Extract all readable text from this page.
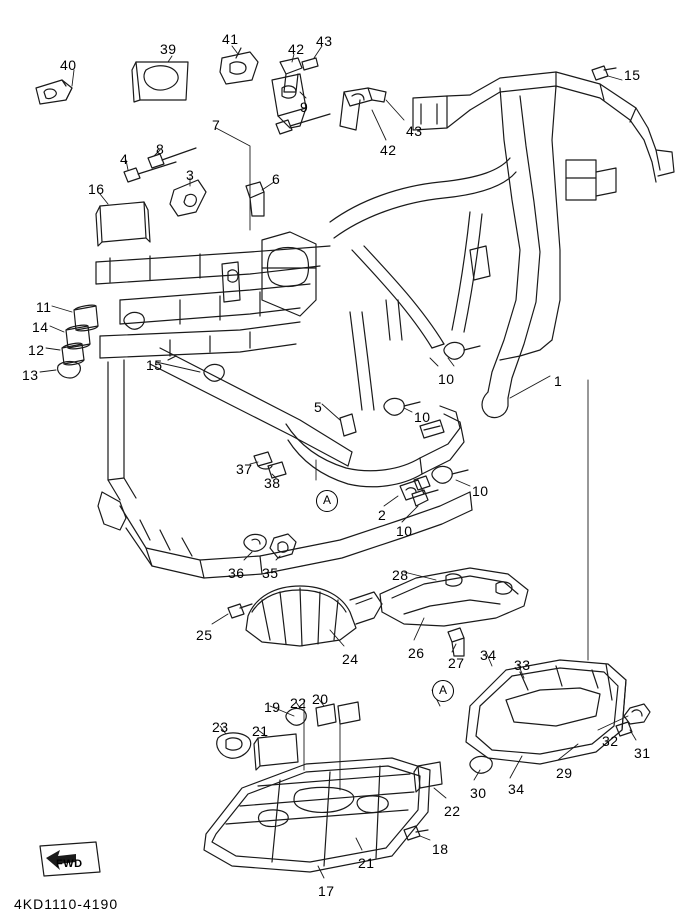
40
39
41
42 43
9
43
42
15
7
8
4
3	6
16
11
14
12
13
15
10	1
5
10
37
38	10
2
10
36 35	28
25
24	26
27 34
33
32
31
29
34
30
19 22 20
23 21
22
18
21
17
A
A
FWD
4KD1110-4190
